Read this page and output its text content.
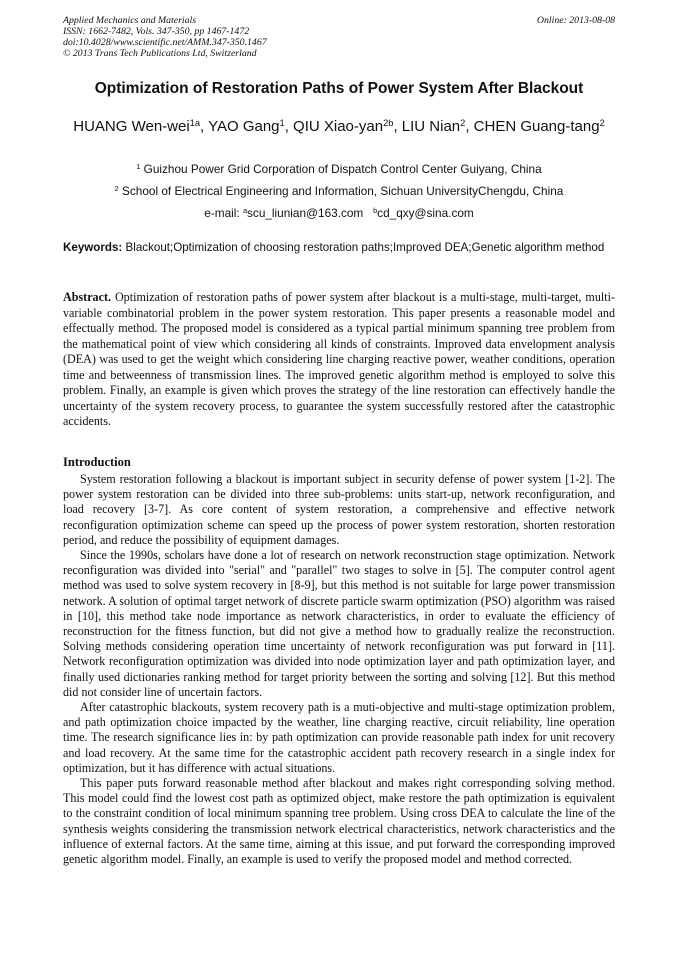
Applied Mechanics and Materials
ISSN: 1662-7482, Vols. 347-350, pp 1467-1472
doi:10.4028/www.scientific.net/AMM.347-350.1467
© 2013 Trans Tech Publications Ltd, Switzerland
Online: 2013-08-08
Optimization of Restoration Paths of Power System After Blackout
HUANG Wen-wei$^{1a}$, YAO Gang$^1$, QIU Xiao-yan$^{2b}$, LIU Nian$^2$, CHEN Guang-tang$^2$
$^1$ Guizhou Power Grid Corporation of Dispatch Control Center Guiyang, China
$^2$ School of Electrical Engineering and Information, Sichuan UniversityChengdu, China
e-mail: $^a$scu_liunian@163.com $^b$cd_qxy@sina.com
Keywords: Blackout;Optimization of choosing restoration paths;Improved DEA;Genetic algorithm method
Abstract. Optimization of restoration paths of power system after blackout is a multi-stage, multi-target, multi-variable combinatorial problem in the power system restoration. This paper presents a reasonable model and effectually method. The proposed model is considered as a typical partial minimum spanning tree problem from the mathematical point of view which considering all kinds of constraints. Improved data envelopment analysis (DEA) was used to get the weight which considering line charging reactive power, weather conditions, operation time and betweenness of transmission lines. The improved genetic algorithm method is employed to solve this problem. Finally, an example is given which proves the strategy of the line restoration can effectively handle the uncertainty of the system recovery process, to guarantee the system successfully restored after the catastrophic accidents.
Introduction

System restoration following a blackout is important subject in security defense of power system [1-2]. The power system restoration can be divided into three sub-problems: units start-up, network reconfiguration, and load recovery [3-7]. As core content of system restoration, a comprehensive and effective network reconfiguration optimization scheme can speed up the process of power system restoration, shorten restoration period, and reduce the possibility of equipment damages.

Since the 1990s, scholars have done a lot of research on network reconstruction stage optimization. Network reconfiguration was divided into "serial" and "parallel" two stages to solve in [5]. The computer control agent method was used to solve system recovery in [8-9], but this method is not suitable for large power transmission network. A solution of optimal target network of discrete particle swarm optimization (PSO) algorithm was raised in [10], this method take node importance as network characteristics, in order to evaluate the efficiency of reconstruction for the fitness function, but did not give a method how to gradually realize the reconstruction. Solving methods considering operation time uncertainty of network reconfiguration was put forward in [11]. Network reconfiguration optimization was divided into node optimization layer and path optimization layer, and finally used dictionaries ranking method for target priority between the sorting and solving [12]. But this method did not consider line of uncertain factors.

After catastrophic blackouts, system recovery path is a muti-objective and multi-stage optimization problem, and path optimization choice impacted by the weather, line charging reactive, circuit reliability, line operation time. The research significance lies in: by path optimization can provide reasonable path index for unit recovery and load recovery. At the same time for the catastrophic accident path recovery research in a single index for optimization, but it has difference with actual situations.

This paper puts forward reasonable method after blackout and makes right corresponding solving method. This model could find the lowest cost path as optimized object, make restore the path optimization is equivalent to the constraint condition of local minimum spanning tree problem. Using cross DEA to calculate the line of the synthesis weights considering the transmission network electrical characteristics, network characteristics and the influence of external factors. At the same time, aiming at this issue, and put forward the corresponding improved genetic algorithm model. Finally, an example is used to verify the proposed model and method corrected.
